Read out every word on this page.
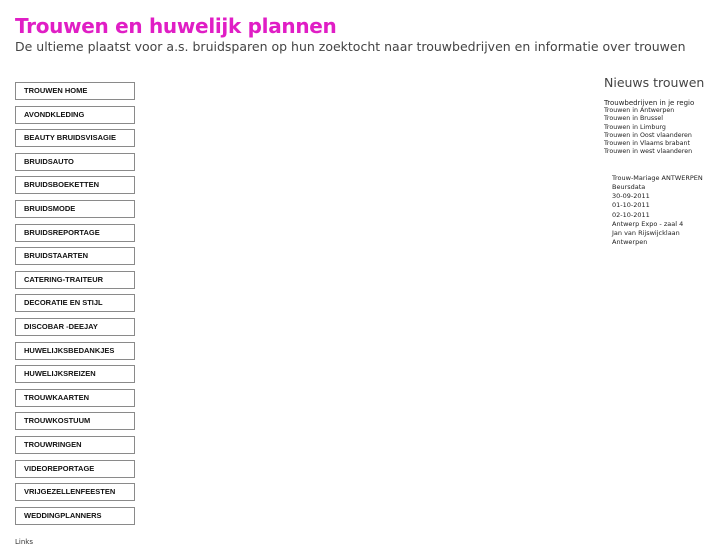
Trouwen en huwelijk plannen

De ultieme plaatst voor a.s. bruidsparen op hun zoektocht naar trouwbedrijven en informatie over trouwen

TROUWEN HOME
AVONDKLEDING
BEAUTY BRUIDSVISAGIE
BRUIDSAUTO
BRUIDSBOEKETTEN
BRUIDSMODE
BRUIDSREPORTAGE
BRUIDSTAARTEN
CATERING-TRAITEUR
DECORATIE EN STIJL
DISCOBAR -DEEJAY
HUWELIJKSBEDANKJES
HUWELIJKSREIZEN
TROUWKAARTEN
TROUWKOSTUUM
TROUWRINGEN
VIDEOREPORTAGE
VRIJGEZELLENFEESTEN
WEDDINGPLANNERS
Links
Nieuws trouwen
Trouwbedrijven in je regio
Trouwen in Antwerpen
Trouwen in Brussel
Trouwen in Limburg
Trouwen in Oost vlaanderen
Trouwen in Vlaams brabant
Trouwen in west vlaanderen
Trouw-Mariage ANTWERPEN
Beursdata
30-09-2011
01-10-2011
02-10-2011
Antwerp Expo - zaal 4
Jan van Rijswijcklaan
Antwerpen
